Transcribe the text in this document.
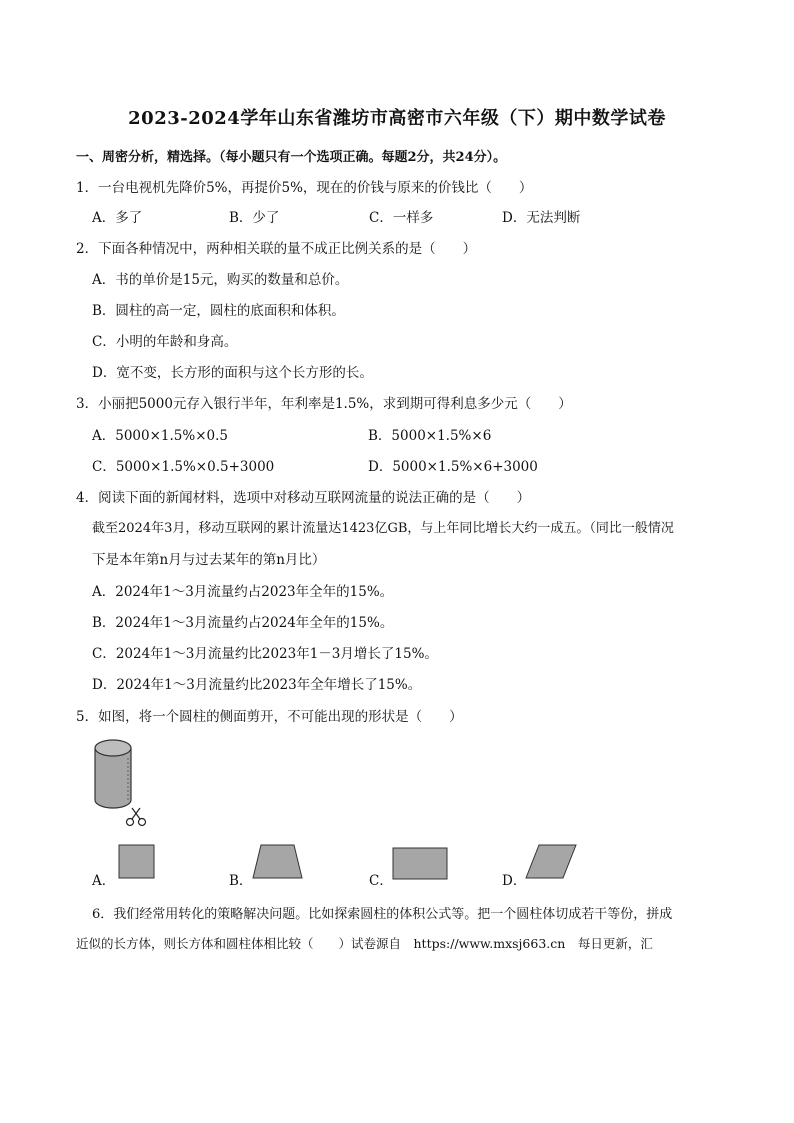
2023-2024学年山东省潍坊市高密市六年级（下）期中数学试卷
一、周密分析，精选择。（每小题只有一个选项正确。每题2分，共24分）。
1．一台电视机先降价5%，再提价5%，现在的价钱与原来的价钱比（　　）
A．多了	B．少了	C．一样多	D．无法判断
2．下面各种情况中，两种相关联的量不成正比例关系的是（　　）
A．书的单价是15元，购买的数量和总价。
B．圆柱的高一定，圆柱的底面积和体积。
C．小明的年龄和身高。
D．宽不变，长方形的面积与这个长方形的长。
3．小丽把5000元存入银行半年，年利率是1.5%，求到期可得利息多少元（　　）
A．5000×1.5%×0.5	B．5000×1.5%×6
C．5000×1.5%×0.5+3000	D．5000×1.5%×6+3000
4．阅读下面的新闻材料，选项中对移动互联网流量的说法正确的是（　　）
截至2024年3月，移动互联网的累计流量达1423亿GB，与上年同比增长大约一成五。（同比一般情况
下是本年第n月与过去某年的第n月比）
A．2024年1～3月流量约占2023年全年的15%。
B．2024年1～3月流量约占2024年全年的15%。
C．2024年1～3月流量约比2023年1－3月增长了15%。
D．2024年1～3月流量约比2023年全年增长了15%。
5．如图，将一个圆柱的侧面剪开，不可能出现的形状是（　　）
A．	B．	C．	D．
6．我们经常用转化的策略解决问题。比如探索圆柱的体积公式等。把一个圆柱体切成若干等份，拼成
近似的长方体，则长方体和圆柱体相比较（　　）试卷源自　https://www.mxsj663.cn　每日更新，汇
